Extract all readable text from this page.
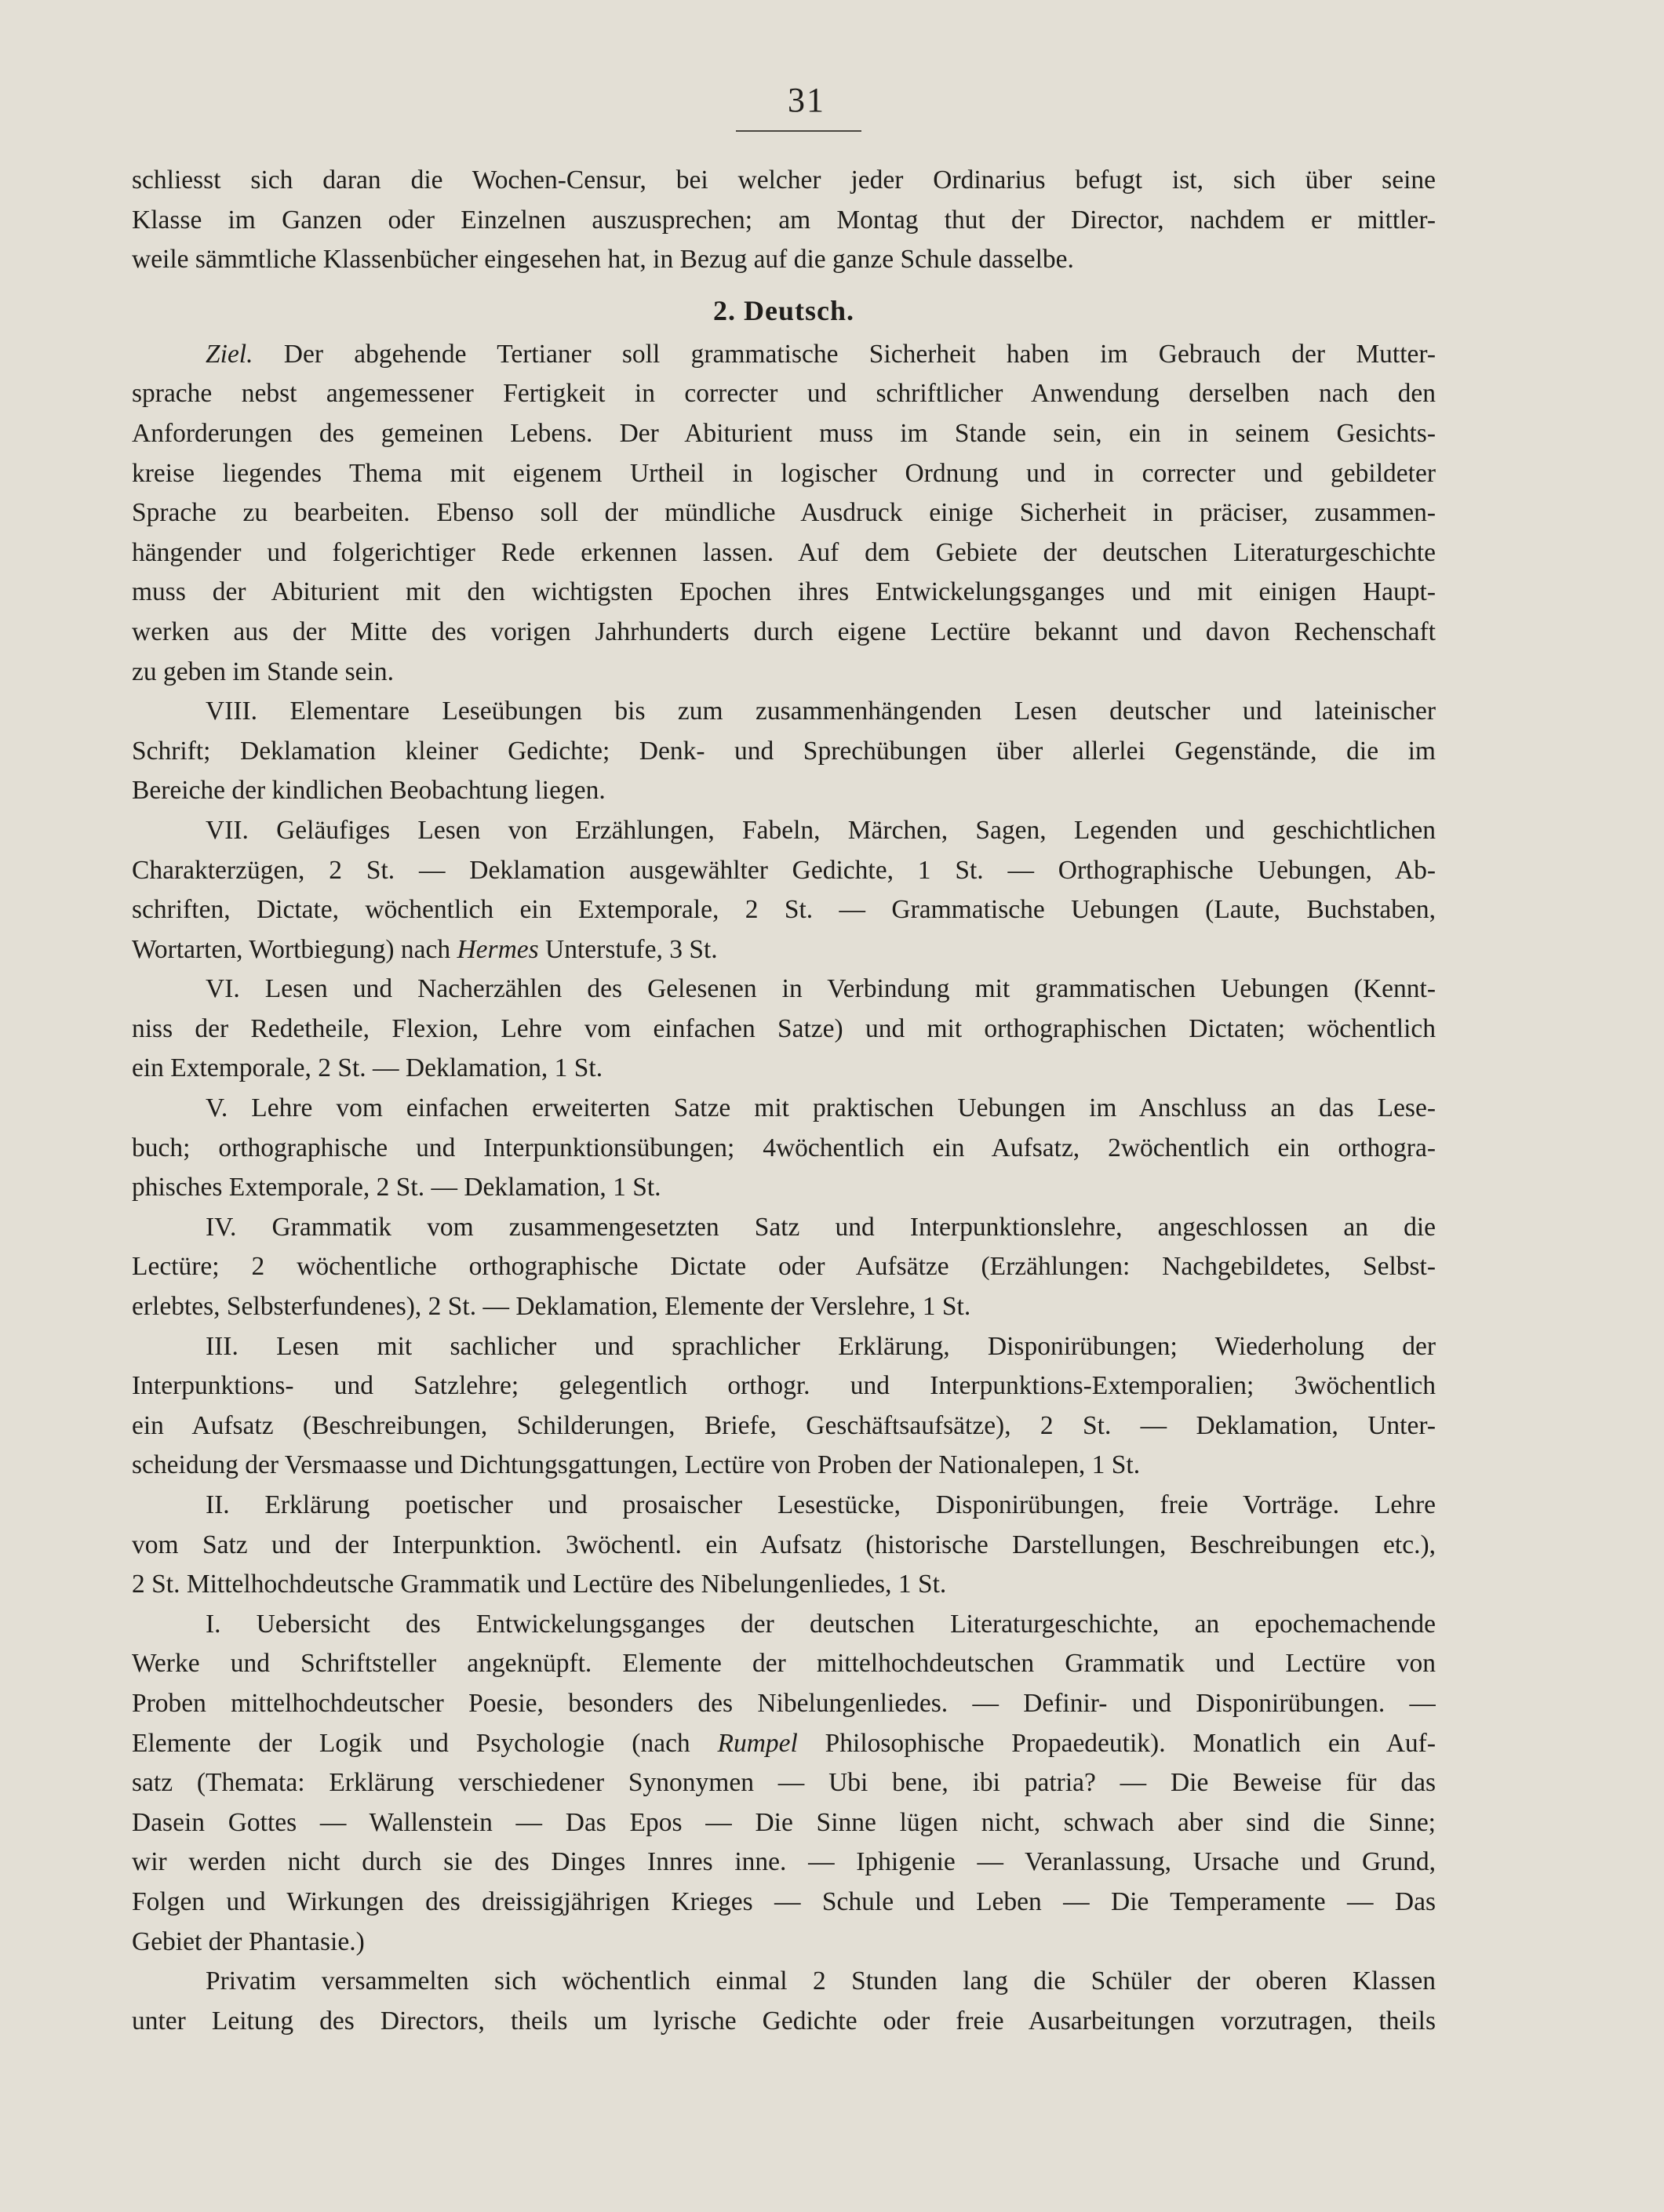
31
schliesst sich daran die Wochen-Censur, bei welcher jeder Ordinarius befugt ist, sich über seine
Klasse im Ganzen oder Einzelnen auszusprechen; am Montag thut der Director, nachdem er mittler-
weile sämmtliche Klassenbücher eingesehen hat, in Bezug auf die ganze Schule dasselbe.
2. Deutsch.
Ziel. Der abgehende Tertianer soll grammatische Sicherheit haben im Gebrauch der Mutter-
sprache nebst angemessener Fertigkeit in correcter und schriftlicher Anwendung derselben nach den
Anforderungen des gemeinen Lebens. Der Abiturient muss im Stande sein, ein in seinem Gesichts-
kreise liegendes Thema mit eigenem Urtheil in logischer Ordnung und in correcter und gebildeter
Sprache zu bearbeiten. Ebenso soll der mündliche Ausdruck einige Sicherheit in präciser, zusammen-
hängender und folgerichtiger Rede erkennen lassen. Auf dem Gebiete der deutschen Literaturgeschichte
muss der Abiturient mit den wichtigsten Epochen ihres Entwickelungsganges und mit einigen Haupt-
werken aus der Mitte des vorigen Jahrhunderts durch eigene Lectüre bekannt und davon Rechenschaft
zu geben im Stande sein.
VIII. Elementare Leseübungen bis zum zusammenhängenden Lesen deutscher und lateinischer
Schrift; Deklamation kleiner Gedichte; Denk- und Sprechübungen über allerlei Gegenstände, die im
Bereiche der kindlichen Beobachtung liegen.
VII. Geläufiges Lesen von Erzählungen, Fabeln, Märchen, Sagen, Legenden und geschichtlichen
Charakterzügen, 2 St. — Deklamation ausgewählter Gedichte, 1 St. — Orthographische Uebungen, Ab-
schriften, Dictate, wöchentlich ein Extemporale, 2 St. — Grammatische Uebungen (Laute, Buchstaben,
Wortarten, Wortbiegung) nach Hermes Unterstufe, 3 St.
VI. Lesen und Nacherzählen des Gelesenen in Verbindung mit grammatischen Uebungen (Kennt-
niss der Redetheile, Flexion, Lehre vom einfachen Satze) und mit orthographischen Dictaten; wöchentlich
ein Extemporale, 2 St. — Deklamation, 1 St.
V. Lehre vom einfachen erweiterten Satze mit praktischen Uebungen im Anschluss an das Lese-
buch; orthographische und Interpunktionsübungen; 4wöchentlich ein Aufsatz, 2wöchentlich ein orthogra-
phisches Extemporale, 2 St. — Deklamation, 1 St.
IV. Grammatik vom zusammengesetzten Satz und Interpunktionslehre, angeschlossen an die
Lectüre; 2 wöchentliche orthographische Dictate oder Aufsätze (Erzählungen: Nachgebildetes, Selbst-
erlebtes, Selbsterfundenes), 2 St. — Deklamation, Elemente der Verslehre, 1 St.
III. Lesen mit sachlicher und sprachlicher Erklärung, Disponirübungen; Wiederholung der
Interpunktions- und Satzlehre; gelegentlich orthogr. und Interpunktions-Extemporalien; 3wöchentlich
ein Aufsatz (Beschreibungen, Schilderungen, Briefe, Geschäftsaufsätze), 2 St. — Deklamation, Unter-
scheidung der Versmaasse und Dichtungsgattungen, Lectüre von Proben der Nationalepen, 1 St.
II. Erklärung poetischer und prosaischer Lesestücke, Disponirübungen, freie Vorträge. Lehre
vom Satz und der Interpunktion. 3wöchentl. ein Aufsatz (historische Darstellungen, Beschreibungen etc.),
2 St. Mittelhochdeutsche Grammatik und Lectüre des Nibelungenliedes, 1 St.
I. Uebersicht des Entwickelungsganges der deutschen Literaturgeschichte, an epochemachende
Werke und Schriftsteller angeknüpft. Elemente der mittelhochdeutschen Grammatik und Lectüre von
Proben mittelhochdeutscher Poesie, besonders des Nibelungenliedes. — Definir- und Disponirübungen. —
Elemente der Logik und Psychologie (nach Rumpel Philosophische Propaedeutik). Monatlich ein Auf-
satz (Themata: Erklärung verschiedener Synonymen — Ubi bene, ibi patria? — Die Beweise für das
Dasein Gottes — Wallenstein — Das Epos — Die Sinne lügen nicht, schwach aber sind die Sinne;
wir werden nicht durch sie des Dinges Innres inne. — Iphigenie — Veranlassung, Ursache und Grund,
Folgen und Wirkungen des dreissigjährigen Krieges — Schule und Leben — Die Temperamente — Das
Gebiet der Phantasie.)
Privatim versammelten sich wöchentlich einmal 2 Stunden lang die Schüler der oberen Klassen
unter Leitung des Directors, theils um lyrische Gedichte oder freie Ausarbeitungen vorzutragen, theils
